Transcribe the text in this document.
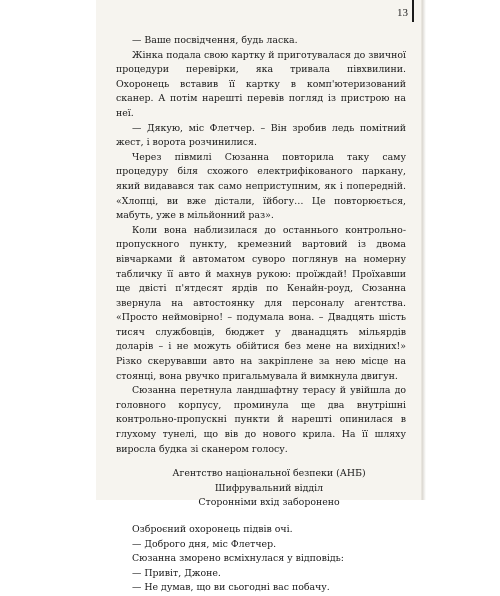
13

— Ваше посвідчення, будь ласка.

Жінка подала свою картку й приготувалася до звичної процедури перевірки, яка тривала півхвилини. Охоронець вставив її картку в комп'ютеризований сканер. А потім нарешті перевів погляд із пристрою на неї.

— Дякую, міс Флетчер. – Він зробив ледь помітний жест, і ворота розчинилися.

Через півмилі Сюзанна повторила таку саму процедуру біля схожого електрифікованого паркану, який видавався так само неприступним, як і попередній. «Хлопці, ви вже дістали, їйбогу… Це повторюється, мабуть, уже в мільйонний раз».

Коли вона наблизилася до останнього контрольно-пропускного пункту, кремезний вартовий із двома вівчарками й автоматом суворо поглянув на номерну табличку її авто й махнув рукою: проїждай! Проїхавши ще двісті п'ятдесят ярдів по Кенайн-роуд, Сюзанна звернула на автостоянку для персоналу агентства. «Просто неймовірно! – подумала вона. – Двадцять шість тисяч службовців, бюджет у дванадцять мільярдів доларів – і не можуть обійтися без мене на вихідних!» Різко скерувавши авто на закріплене за нею місце на стоянці, вона рвучко пригальмувала й вимкнула двигун.

Сюзанна перетнула ландшафтну терасу й увійшла до головного корпусу, проминула ще два внутрішні контрольно-пропускні пункти й нарешті опинилася в глухому тунелі, що вів до нового крила. На її шляху виросла будка зі сканером голосу.

Агентство національної безпеки (АНБ)

Шифрувальний відділ

Сторонніми вхід заборонено

Озброєний охоронець підвів очі.

— Доброго дня, міс Флетчер.

Сюзанна зморено всміхнулася у відповідь:

— Привіт, Джоне.

— Не думав, що ви сьогодні вас побачу.
